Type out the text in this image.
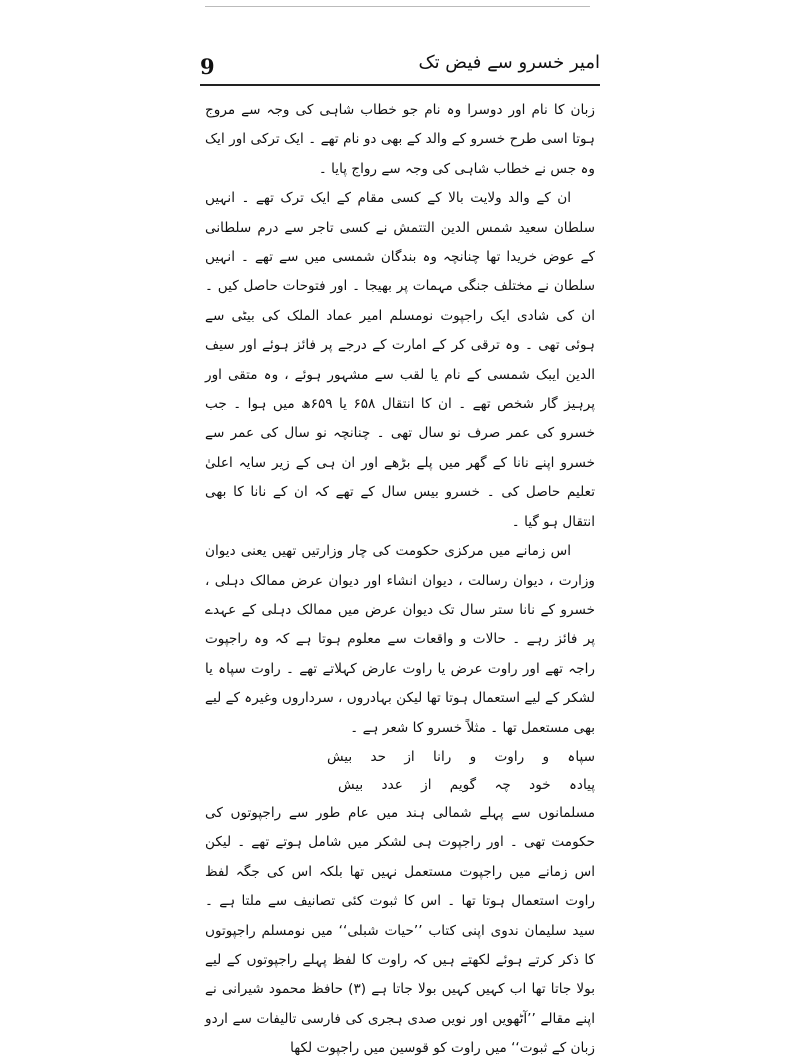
9	امیر خسرو سے فیض تک

زبان کا نام اور دوسرا وہ نام جو خطاب شاہی کی وجہ سے مروج ہوتا اسی طرح خسرو کے والد کے بھی دو نام تھے ۔ ایک ترکی اور ایک وہ جس نے خطاب شاہی کی وجہ سے رواج پایا ۔

ان کے والد ولایت بالا کے کسی مقام کے ایک ترک تھے ۔ انہیں سلطان سعید شمس الدین التتمش نے کسی تاجر سے درم سلطانی کے عوض خریدا تھا چنانچہ وہ بندگان شمسی میں سے تھے ۔ انہیں سلطان نے مختلف جنگی مہمات پر بھیجا ۔ اور فتوحات حاصل کیں ۔ ان کی شادی ایک راجپوت نومسلم امیر عماد الملک کی بیٹی سے ہوئی تھی ۔ وہ ترقی کر کے امارت کے درجے پر فائز ہوئے اور سیف الدین ایبک شمسی کے نام یا لقب سے مشہور ہوئے ، وہ متقی اور پرہیز گار شخص تھے ۔ ان کا انتقال ۶۵۸ یا ۶۵۹ھ میں ہوا ۔ جب خسرو کی عمر صرف نو سال تھی ۔ چنانچہ نو سال کی عمر سے خسرو اپنے نانا کے گھر میں پلے بڑھے اور ان ہی کے زیر سایہ اعلیٰ تعلیم حاصل کی ۔ خسرو بیس سال کے تھے کہ ان کے نانا کا بھی انتقال ہو گیا ۔

اس زمانے میں مرکزی حکومت کی چار وزارتیں تھیں یعنی دیوان وزارت ، دیوان رسالت ، دیوان انشاء اور دیوان عرض ممالک دہلی ، خسرو کے نانا ستر سال تک دیوان عرض میں ممالک دہلی کے عہدے پر فائز رہے ۔ حالات و واقعات سے معلوم ہوتا ہے کہ وہ راجپوت راجہ تھے اور راوت عرض یا راوت عارض کہلاتے تھے ۔ راوت سپاہ یا لشکر کے لیے استعمال ہوتا تھا لیکن بہادروں ، سرداروں وغیرہ کے لیے بھی مستعمل تھا ۔ مثلاً خسرو کا شعر ہے ۔

سپاہ و راوت و رانا از حد بیش

پیادہ خود چہ گویم از عدد بیش

مسلمانوں سے پہلے شمالی ہند میں عام طور سے راجپوتوں کی حکومت تھی ۔ اور راجپوت ہی لشکر میں شامل ہوتے تھے ۔ لیکن اس زمانے میں راجپوت مستعمل نہیں تھا بلکہ اس کی جگہ لفظ راوت استعمال ہوتا تھا ۔ اس کا ثبوت کئی تصانیف سے ملتا ہے ۔ سید سلیمان ندوی اپنی کتاب ’’حیات شبلی‘‘ میں نومسلم راجپوتوں کا ذکر کرتے ہوئے لکھتے ہیں کہ راوت کا لفظ پہلے راجپوتوں کے لیے بولا جاتا تھا اب کہیں کہیں بولا جاتا ہے (۳) حافظ محمود شیرانی نے اپنے مقالے ’’آٹھویں اور نویں صدی ہجری کی فارسی تالیفات سے اردو زبان کے ثبوت‘‘ میں راوت کو قوسین میں راجپوت لکھا
